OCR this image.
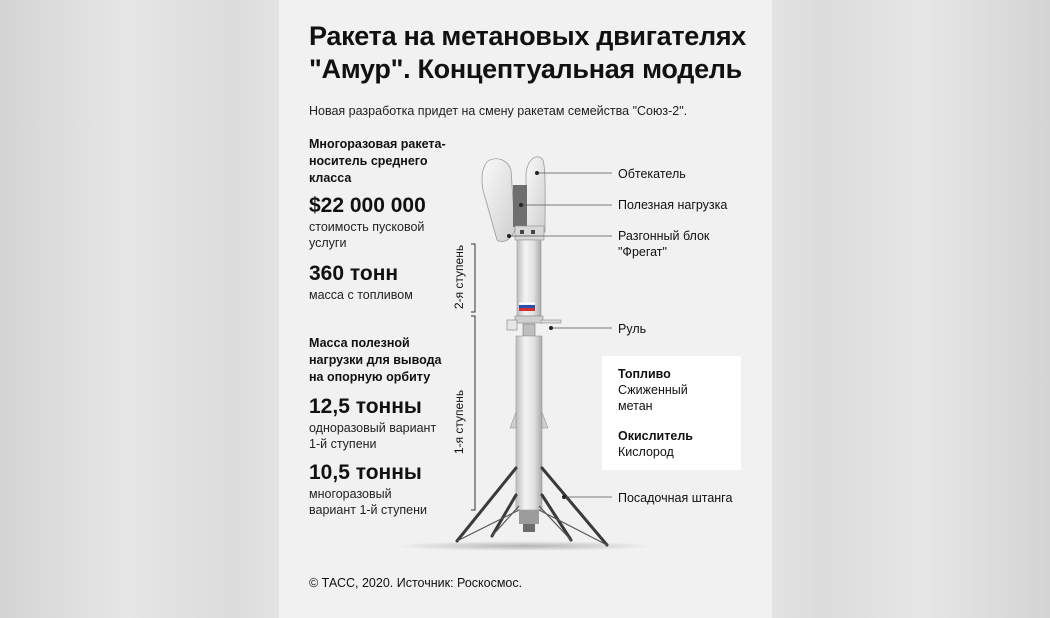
Ракета на метановых двигателях "Амур". Концептуальная модель
Новая разработка придет на смену ракетам семейства "Союз-2".
Многоразовая ракета-носитель среднего класса
$22 000 000
стоимость пусковой услуги
360 тонн
масса с топливом
Масса полезной нагрузки для вывода на опорную орбиту
12,5 тонны
одноразовый вариант 1-й ступени
10,5 тонны
многоразовый вариант 1-й ступени
2-я ступень
1-я ступень
Обтекатель
Полезная нагрузка
Разгонный блок "Фрегат"
Руль
Посадочная штанга
Топливо
Сжиженный метан
Окислитель
Кислород
© ТАСС, 2020. Источник: Роскосмос.
